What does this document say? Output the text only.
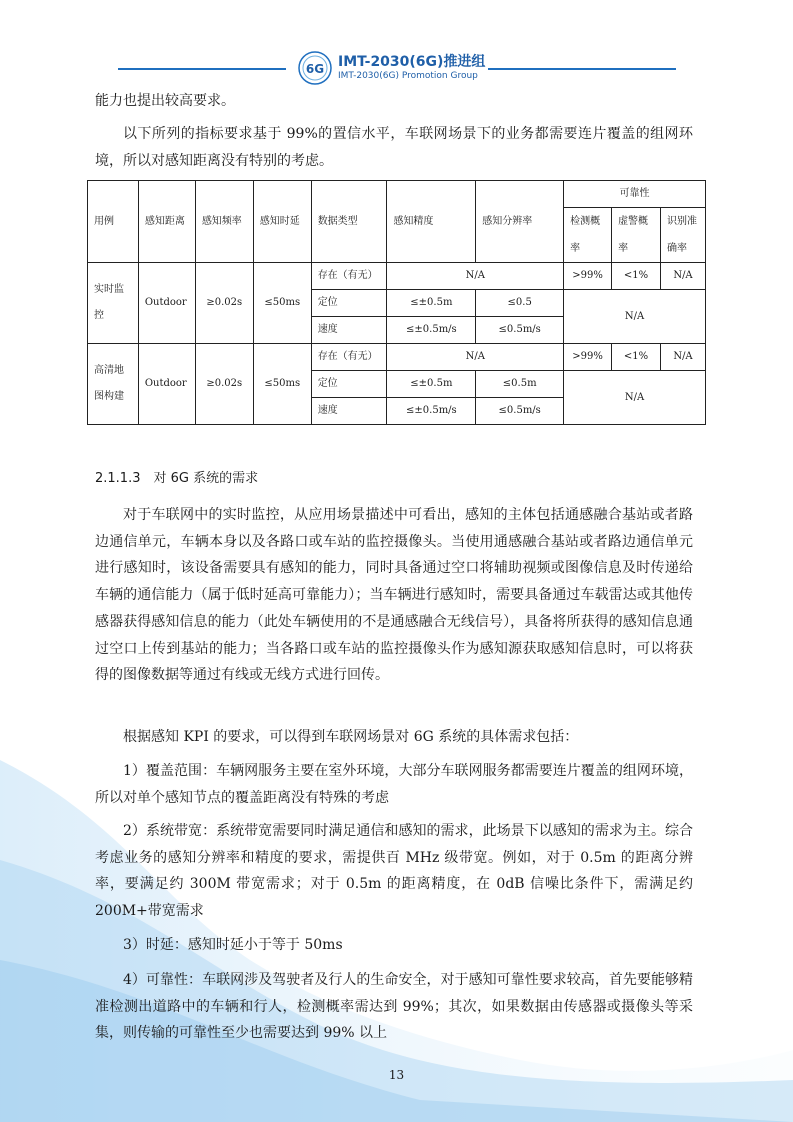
6G IMT-2030(6G)推进组
IMT-2030(6G) Promotion Group

能力也提出较高要求。

以下所列的指标要求基于 99%的置信水平，车联网场景下的业务都需要连片覆盖的组网环境，所以对感知距离没有特别的考虑。

用例	感知距离	感知频率	感知时延	数据类型	感知精度	感知分辨率	可靠性		
							检测概率	虚警概率	识别准确率

实时监控	Outdoor	≥0.02s	≤50ms	存在（有无）	N/A		>99%	<1%	N/A
				定位	≤±0.5m	≤0.5	N/A		
				速度	≤±0.5m/s	≤0.5m/s			
高清地图构建	Outdoor	≥0.02s	≤50ms	存在（有无）	N/A		>99%	<1%	N/A
				定位	≤±0.5m	≤0.5m	N/A		
				速度	≤±0.5m/s	≤0.5m/s			
2.1.1.3　对 6G 系统的需求

对于车联网中的实时监控，从应用场景描述中可看出，感知的主体包括通感融合基站或者路边通信单元，车辆本身以及各路口或车站的监控摄像头。当使用通感融合基站或者路边通信单元进行感知时，该设备需要具有感知的能力，同时具备通过空口将辅助视频或图像信息及时传递给车辆的通信能力（属于低时延高可靠能力）；当车辆进行感知时，需要具备通过车载雷达或其他传感器获得感知信息的能力（此处车辆使用的不是通感融合无线信号），具备将所获得的感知信息通过空口上传到基站的能力；当各路口或车站的监控摄像头作为感知源获取感知信息时，可以将获得的图像数据等通过有线或无线方式进行回传。

根据感知 KPI 的要求，可以得到车联网场景对 6G 系统的具体需求包括：

1）覆盖范围：车辆网服务主要在室外环境，大部分车联网服务都需要连片覆盖的组网环境，所以对单个感知节点的覆盖距离没有特殊的考虑

2）系统带宽：系统带宽需要同时满足通信和感知的需求，此场景下以感知的需求为主。综合考虑业务的感知分辨率和精度的要求，需提供百 MHz 级带宽。例如，对于 0.5m 的距离分辨率，要满足约 300M 带宽需求；对于 0.5m 的距离精度，在 0dB 信噪比条件下，需满足约 200M+带宽需求

3）时延：感知时延小于等于 50ms

4）可靠性：车联网涉及驾驶者及行人的生命安全，对于感知可靠性要求较高，首先要能够精准检测出道路中的车辆和行人，检测概率需达到 99%；其次，如果数据由传感器或摄像头等采集，则传输的可靠性至少也需要达到 99% 以上

13
